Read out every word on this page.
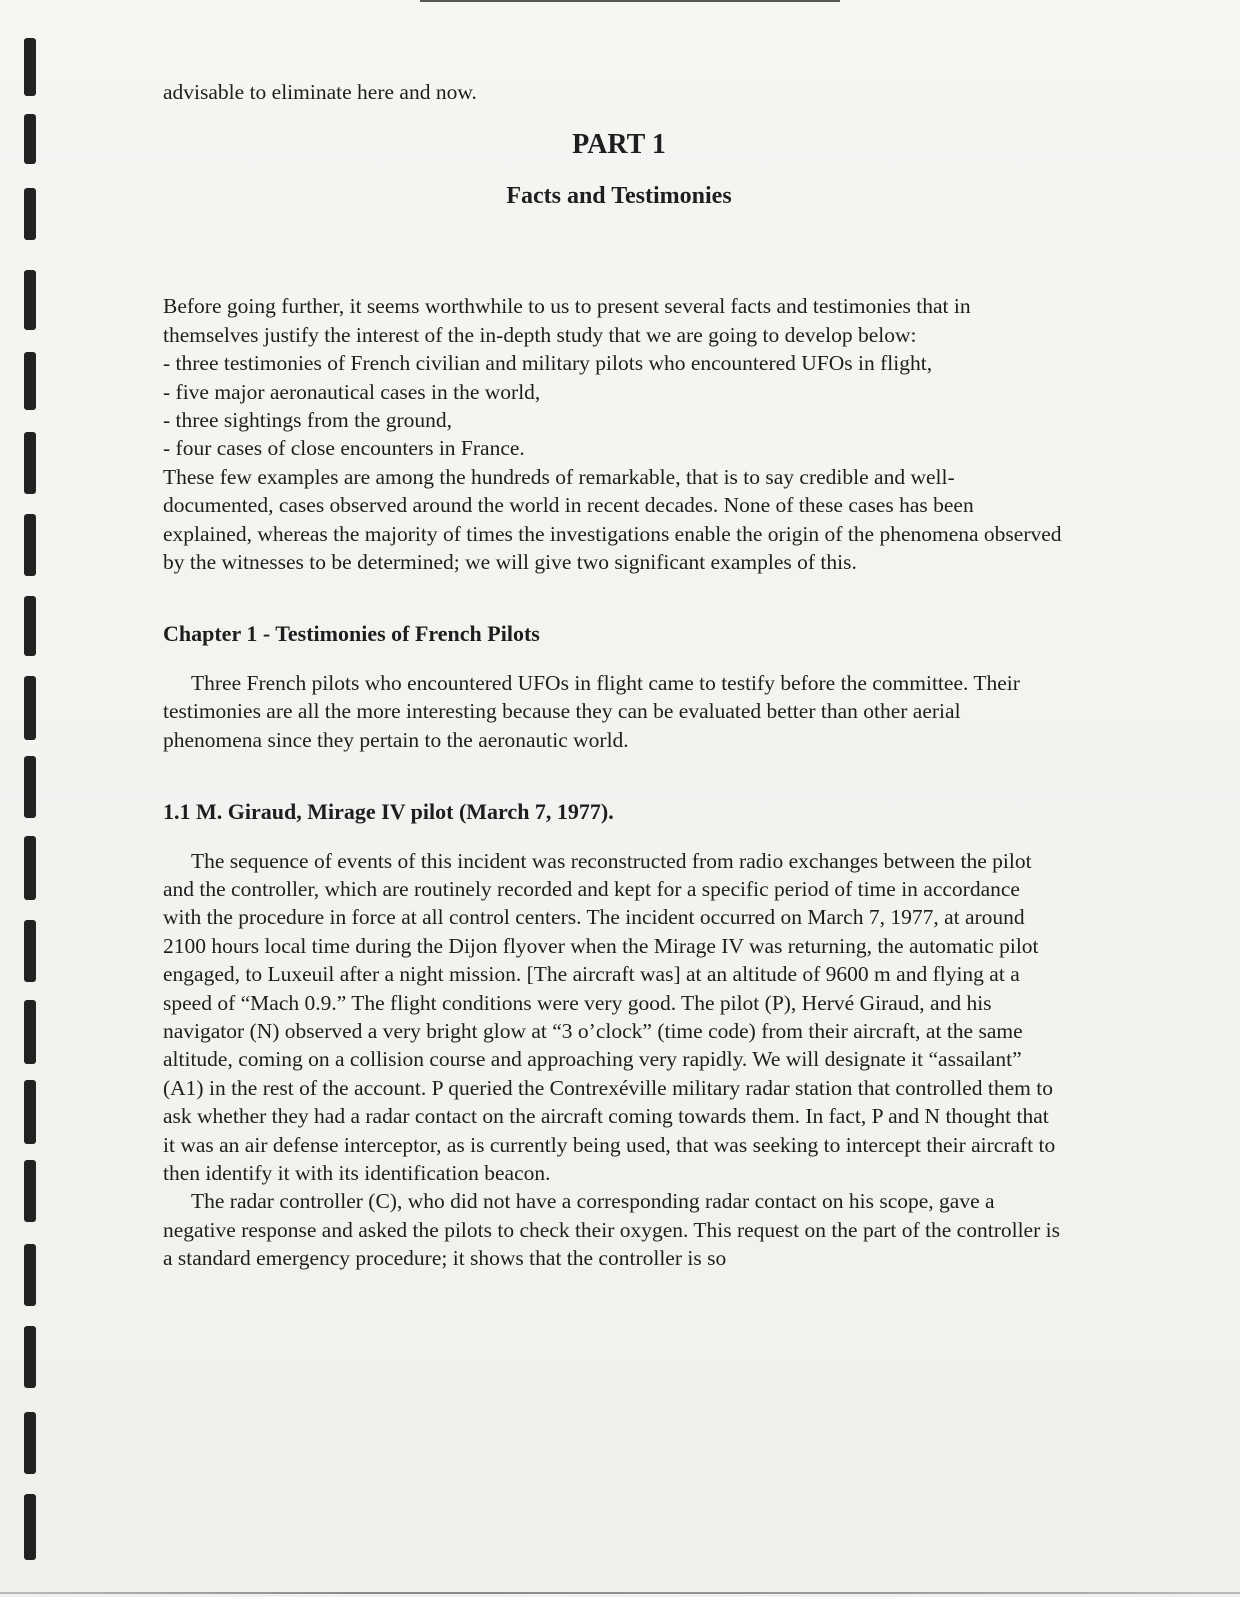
advisable to eliminate here and now.

PART 1
Facts and Testimonies

Before going further, it seems worthwhile to us to present several facts and testimonies that in themselves justify the interest of the in-depth study that we are going to develop below:

- three testimonies of French civilian and military pilots who encountered UFOs in flight,
- five major aeronautical cases in the world,
- three sightings from the ground,
- four cases of close encounters in France.

These few examples are among the hundreds of remarkable, that is to say credible and well-documented, cases observed around the world in recent decades. None of these cases has been explained, whereas the majority of times the investigations enable the origin of the phenomena observed by the witnesses to be determined; we will give two significant examples of this.

Chapter 1 - Testimonies of French Pilots

Three French pilots who encountered UFOs in flight came to testify before the committee. Their testimonies are all the more interesting because they can be evaluated better than other aerial phenomena since they pertain to the aeronautic world.

1.1 M. Giraud, Mirage IV pilot (March 7, 1977).

The sequence of events of this incident was reconstructed from radio exchanges between the pilot and the controller, which are routinely recorded and kept for a specific period of time in accordance with the procedure in force at all control centers. The incident occurred on March 7, 1977, at around 2100 hours local time during the Dijon flyover when the Mirage IV was returning, the automatic pilot engaged, to Luxeuil after a night mission. [The aircraft was] at an altitude of 9600 m and flying at a speed of “Mach 0.9.” The flight conditions were very good. The pilot (P), Hervé Giraud, and his navigator (N) observed a very bright glow at “3 o’clock” (time code) from their aircraft, at the same altitude, coming on a collision course and approaching very rapidly. We will designate it “assailant” (A1) in the rest of the account. P queried the Contrexéville military radar station that controlled them to ask whether they had a radar contact on the aircraft coming towards them. In fact, P and N thought that it was an air defense interceptor, as is currently being used, that was seeking to intercept their aircraft to then identify it with its identification beacon.

The radar controller (C), who did not have a corresponding radar contact on his scope, gave a negative response and asked the pilots to check their oxygen. This request on the part of the controller is a standard emergency procedure; it shows that the controller is so
